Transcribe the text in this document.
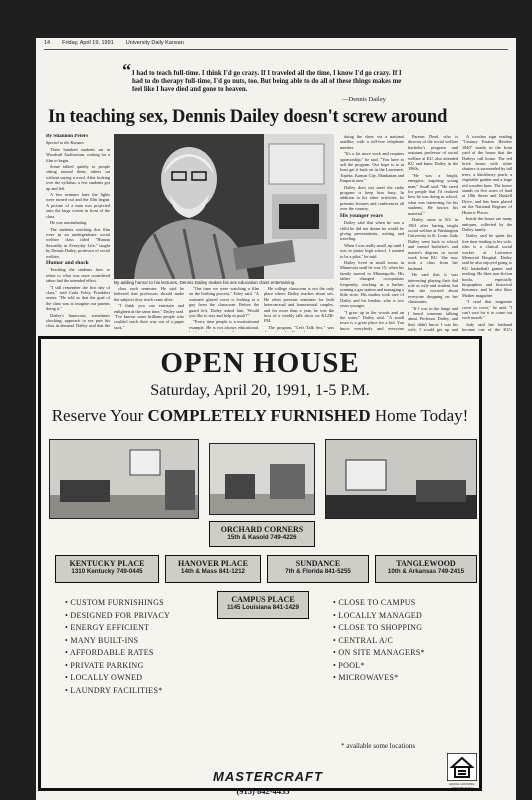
14 Friday, April 19, 1991 University Daily Kansan
“ I had to teach full-time. I think I'd go crazy. If I traveled all the time, I know I'd go crazy. If I had to do therapy full-time, I'd go nuts, too. But being able to do all of these things makes me feel like I have died and gone to heaven.
—Dennis Dailey
In teaching sex, Dennis Dailey doesn't screw around

By Shannon Peters

Special to the Kansan

Three hundred students sat in Woodruff Auditorium, waiting for a film to begin.

Some talked quietly to people sitting around them; others sat without saying a word. After looking over the syllabus, a few students got up and left.

A few minutes later the lights were turned out and the film began. A picture of a man was projected onto the large screen in front of the class.

He was masturbating.

The students watching this film were in an undergraduate social welfare class titled "Human Sexuality in Everyday Life," taught by Dennis Dailey, professor of social welfare.

Humor and shock

Teaching the students how to relate to what was once considered taboo had the intended effect.

"I still remember the first day of class," said Carla Foley, Frankfort senior. "He told us that the goal of the class was to imagine our parents doing it."

Dailey's humorous, sometimes shocking, approach to sex puts his class in demand. Dailey said that the

By adding humor to his lectures, Dennis Dailey makes his sex education class entertaining.

class each semester. He said he believed that professors should make the subjects they teach come alive.

"I think you can entertain and enlighten at the same time," Dailey said. "I've known some brilliant people who couldn't teach their way out of a paper sack."

"Our time we were watching a film on the birthing process," Foley said. "A woman's glazed cover is looking at a guy from the classroom. Before the guard left, Dailey asked him, 'Would you like to stay and help us push?'"

"Every time people is a motivational example. He is not always educational,

He college classroom is not the only place where Dailey teaches about sex. He often presents seminars for both heterosexual and homosexual couples, and for more than a year, he was the host of a weekly talk show on KLZR-FM.

The program, "Let's Talk Sex," was

doing the show via a national satellite, with a toll-free telephone number.

"It's a lot more work and requires sponsorship," he said. "You have to sell the program. Our hope is to at least get it back on in the Lawrence, Topeka, Kansas City, Manhattan and Emporia area."

Dailey does not meet the radio program is keep him busy. In addition to his other activities, he presents lectures and conferences all over the country.

His younger years

Dailey said that when he was a child he did not dream he would be giving presentations, writing and traveling.

When I was really small, up until I was in junior high school, I wanted to be a pilot," he said.

Dailey lived in small towns in Minnesota until he was 15, when his family moved to Minneapolis. His father changed occupations frequently, working as a barber, running a gas station and managing a little store. His mother took care of Dailey and his brother, who is two years younger.

"I grew up in the woods and on the water," Dailey said. "A small town is a great place for a kid. You know everybody and everyone

Parents Dead, who is director of the social welfare bachelor's program and assistant professor of social welfare at KU, also attended KU and knew Dailey in the 1960s.

"He was a bright, energetic, inspiring young man," Swall said. "He cared for people that I'd realized how he was doing in school, what was interesting for his students. He knows his material."

Dailey came to KU in 1961 after having taught social welfare at Washington University in St. Louis. Judy Dailey went back to school and earned bachelor's and master's degrees in social work from KU. She now took a class from her husband.

He said that it was interesting playing their dad role as wife and student, but that she worried about everyone dropping on her classmates.

"If I was in the lunge and I heard someone talking about Professor Dailey, and they didn't know I was his wife, I would get up and

A wooden sign reading "Century Estates Hawker 1840" stands in the front yard of the house that the Daileys call home. The red brick house with white shutters is surrounded by tall trees, a blackberry patch, a vegetable garden and a large red wooden barn. The house stands on five acres of land at 18th Street and Haskell Drive, and has been placed on the National Register of Historic Places.

Inside the house are many antiques, collected by the Dailey family.

Dailey said he spent his free time tending to his wife, who is a clinical social worker at Lawrence Memorial Hospital. Dailey said he also enjoyed going to KU basketball games and reading. He likes non-fiction books, especially biographies and historical literature, and he also likes Mother magazine.

"I read that magazine cover to cover," he said. "I can't wait for it to come out each month."

Judy said her husband became one of the KU's

OPEN HOUSE
Saturday, April 20, 1991, 1-5 P.M.
Reserve Your COMPLETELY FURNISHED Home Today!
ORCHARD CORNERS
15th & Kasold 749-4226
KENTUCKY PLACE
1310 Kentucky 749-0445
HANOVER PLACE
14th & Mass 841-1212
SUNDANCE
7th & Florida 841-5255
TANGLEWOOD
10th & Arkansas 749-2415
CAMPUS PLACE
1145 Louisiana 841-1429
• CUSTOM FURNISHINGS
• DESIGNED FOR PRIVACY
• ENERGY EFFICIENT
• MANY BUILT-INS
• AFFORDABLE RATES
• PRIVATE PARKING
• LOCALLY OWNED
• LAUNDRY FACILITIES*
• CLOSE TO CAMPUS
• LOCALLY MANAGED
• CLOSE TO SHOPPING
• CENTRAL A/C
• ON SITE MANAGERS*
• POOL*
• MICROWAVES*
* available some locations
MASTERCRAFT
(913) 842-4455
EQUAL HOUSING OPPORTUNITY
